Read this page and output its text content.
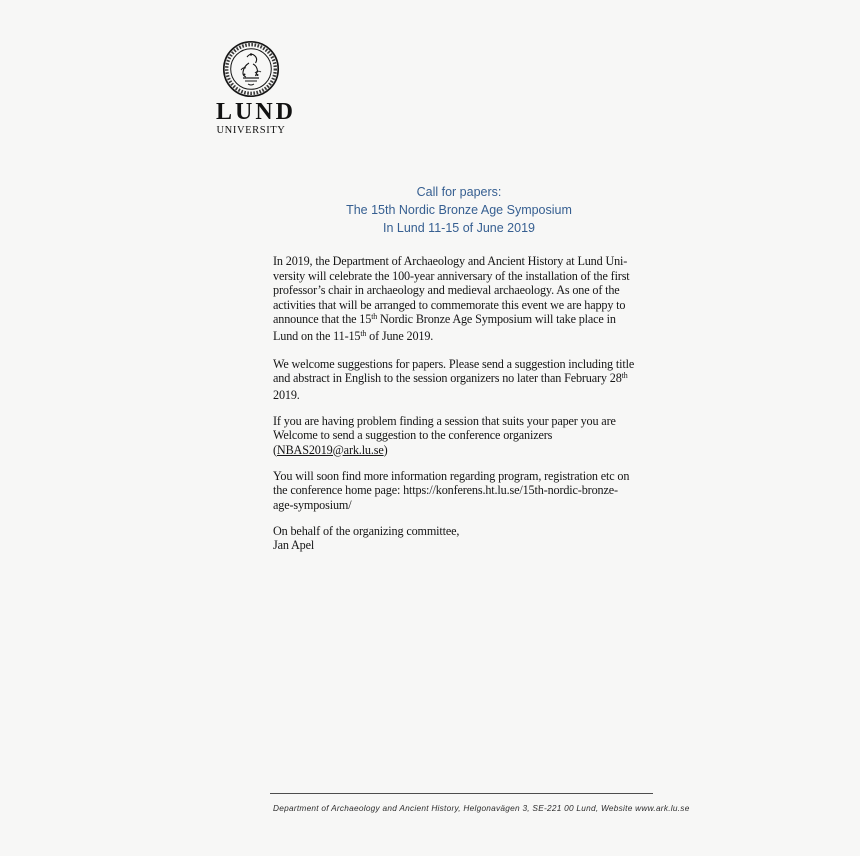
LUND
UNIVERSITY
Call for papers:
The 15th Nordic Bronze Age Symposium
In Lund 11-15 of June 2019

In 2019, the Department of Archaeology and Ancient History at Lund Uni-
versity will celebrate the 100-year anniversary of the installation of the first
professor’s chair in archaeology and medieval archaeology. As one of the
activities that will be arranged to commemorate this event we are happy to
announce that the 15th Nordic Bronze Age Symposium will take place in
Lund on the 11-15th of June 2019.

We welcome suggestions for papers. Please send a suggestion including title
and abstract in English to the session organizers no later than February 28th
2019.

If you are having problem finding a session that suits your paper you are
Welcome to send a suggestion to the conference organizers
(NBAS2019@ark.lu.se)

You will soon find more information regarding program, registration etc on
the conference home page: https://konferens.ht.lu.se/15th-nordic-bronze-
age-symposium/

On behalf of the organizing committee,
Jan Apel

Department of Archaeology and Ancient History, Helgonavägen 3, SE-221 00 Lund, Website www.ark.lu.se
